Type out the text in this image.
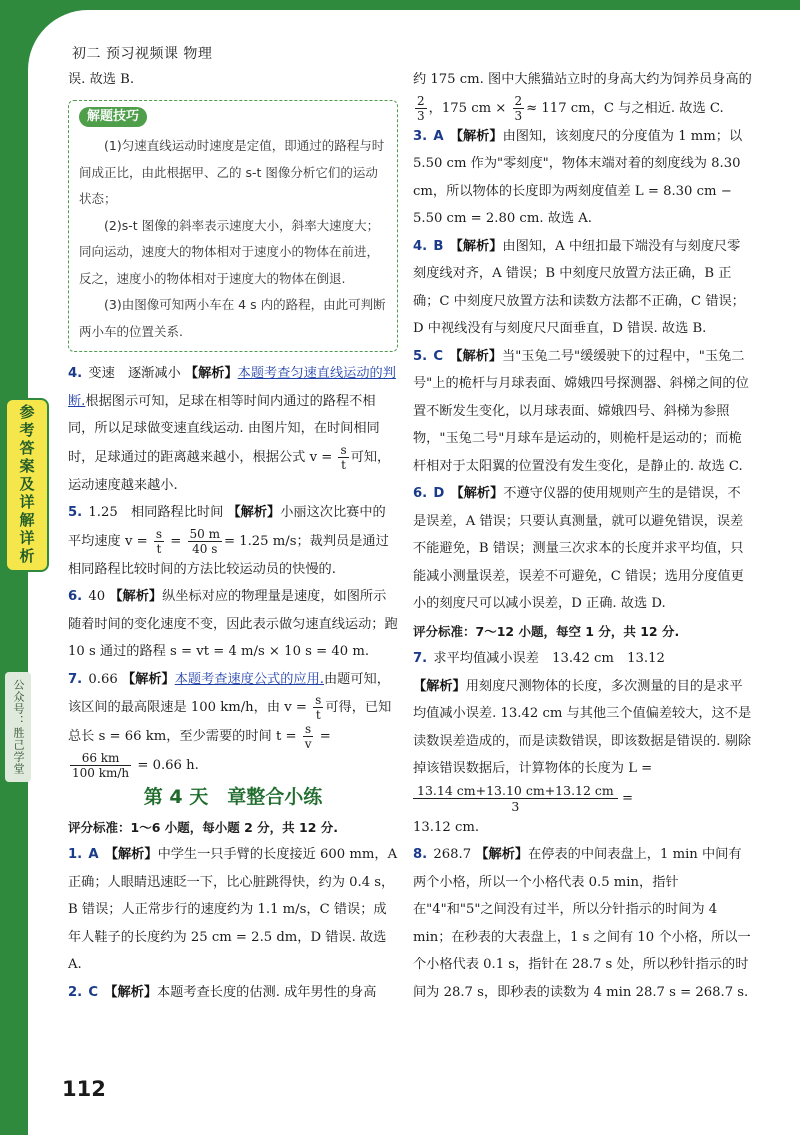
初二 预习视频课 物理
参考答案及详解详析
公众号：胜己学堂
112

误. 故选 B.

解题技巧

(1)匀速直线运动时速度是定值，即通过的路程与时间成正比，由此根据甲、乙的 s-t 图像分析它们的运动状态；

(2)s-t 图像的斜率表示速度大小，斜率大速度大；同向运动，速度大的物体相对于速度小的物体在前进，反之，速度小的物体相对于速度大的物体在倒退.

(3)由图像可知两小车在 4 s 内的路程，由此可判断两小车的位置关系.

4. 变速　逐渐减小 【解析】本题考查匀速直线运动的判断.根据图示可知，足球在相等时间内通过的路程不相同，所以足球做变速直线运动. 由图片知，在时间相同时，足球通过的距离越来越小，根据公式 $v = \frac{s}{t}$ 可知，运动速度越来越小.

5. 1.25　相同路程比时间 【解析】小丽这次比赛中的平均速度 $v = \frac{s}{t} = \frac{50 m}{40 s} = 1.25$ m/s；裁判员是通过相同路程比较时间的方法比较运动员的快慢的.

6. 40 【解析】纵坐标对应的物理量是速度，如图所示随着时间的变化速度不变，因此表示做匀速直线运动；跑 10 s 通过的路程 s = vt = 4 m/s × 10 s = 40 m.

7. 0.66 【解析】本题考查速度公式的应用.由题可知，该区间的最高限速是 100 km/h，由 $v = \frac{s}{t}$ 可得，已知总长 s = 66 km，至少需要的时间 $t = \frac{s}{v}$ =
$\frac{66 km}{100 km/h} = 0.66$ h.

第 4 天　章整合小练

评分标准：1～6 小题，每小题 2 分，共 12 分.

1. A 【解析】中学生一只手臂的长度接近 600 mm，A 正确；人眼睛迅速眨一下，比心脏跳得快，约为 0.4 s，B 错误；人正常步行的速度约为 1.1 m/s，C 错误；成年人鞋子的长度约为 25 cm = 2.5 dm，D 错误. 故选 A.

2. C 【解析】本题考查长度的估测. 成年男性的身高

约 175 cm. 图中大熊猫站立时的身高大约为饲养员身高的
$\frac{2}{3}$ ，175 cm × $\frac{2}{3} \approx 117$ cm，C 与之相近. 故选 C.

3. A 【解析】由图知，该刻度尺的分度值为 1 mm；以 5.50 cm 作为"零刻度"，物体末端对着的刻度线为 8.30 cm，所以物体的长度即为两刻度值差 L = 8.30 cm − 5.50 cm = 2.80 cm. 故选 A.

4. B 【解析】由图知，A 中纽扣最下端没有与刻度尺零刻度线对齐，A 错误；B 中刻度尺放置方法正确，B 正确；C 中刻度尺放置方法和读数方法都不正确，C 错误；D 中视线没有与刻度尺尺面垂直，D 错误. 故选 B.

5. C 【解析】当"玉兔二号"缓缓驶下的过程中，"玉兔二号"上的桅杆与月球表面、嫦娥四号探测器、斜梯之间的位置不断发生变化，以月球表面、嫦娥四号、斜梯为参照物，"玉兔二号"月球车是运动的，则桅杆是运动的；而桅杆相对于太阳翼的位置没有发生变化，是静止的. 故选 C.

6. D 【解析】不遵守仪器的使用规则产生的是错误，不是误差，A 错误；只要认真测量，就可以避免错误，误差不能避免，B 错误；测量三次求本的长度并求平均值，只能减小测量误差，误差不可避免，C 错误；选用分度值更小的刻度尺可以减小误差，D 正确. 故选 D.

评分标准：7～12 小题，每空 1 分，共 12 分.

7. 求平均值减小误差　13.42 cm　13.12

【解析】用刻度尺测物体的长度，多次测量的目的是求平均值减小误差. 13.42 cm 与其他三个值偏差较大，这不是读数误差造成的，而是读数错误，即该数据是错误的. 剔除掉该错误数据后，计算物体的长度为 L =
$\frac{13.14 cm+13.10 cm+13.12 cm}{3}$ =

13.12 cm.

8. 268.7 【解析】在停表的中间表盘上，1 min 中间有两个小格，所以一个小格代表 0.5 min，指针在"4"和"5"之间没有过半，所以分针指示的时间为 4 min；在秒表的大表盘上，1 s 之间有 10 个小格，所以一个小格代表 0.1 s，指针在 28.7 s 处，所以秒针指示的时间为 28.7 s，即秒表的读数为 4 min 28.7 s = 268.7 s.
